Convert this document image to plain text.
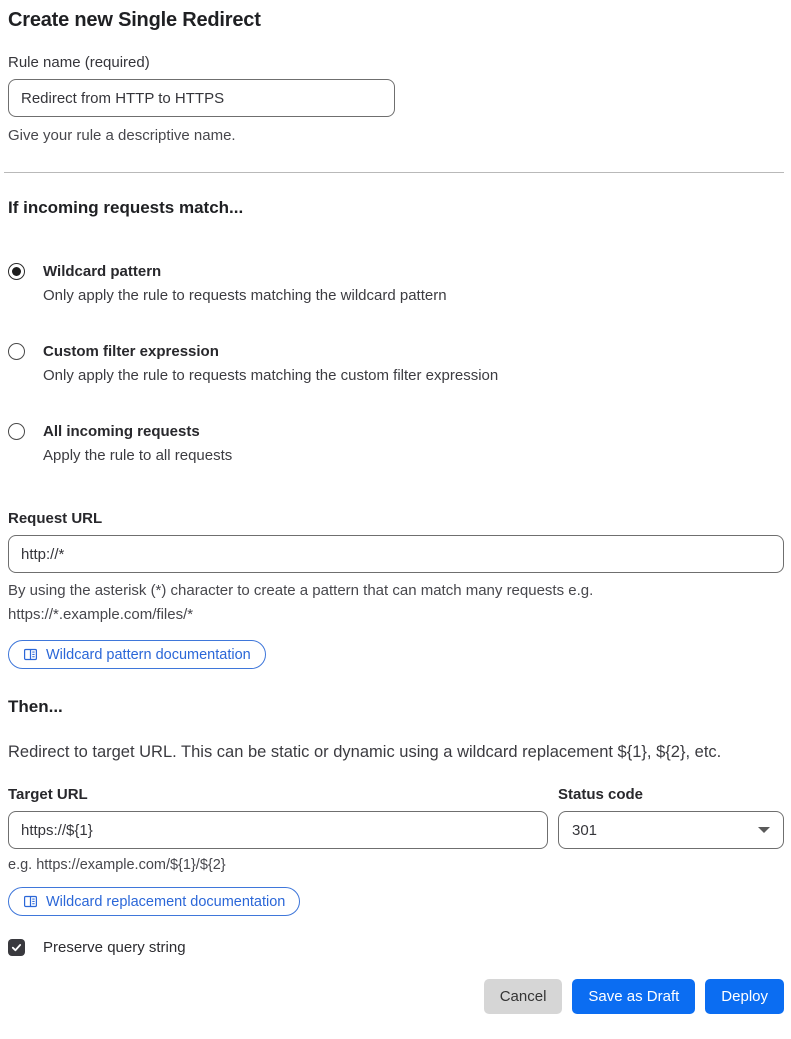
Create new Single Redirect
Rule name (required)
Redirect from HTTP to HTTPS
Give your rule a descriptive name.
If incoming requests match...
Wildcard pattern
Only apply the rule to requests matching the wildcard pattern
Custom filter expression
Only apply the rule to requests matching the custom filter expression
All incoming requests
Apply the rule to all requests
Request URL
http://*
By using the asterisk (*) character to create a pattern that can match many requests e.g.
https://*.example.com/files/*
Wildcard pattern documentation
Then...

Redirect to target URL. This can be static or dynamic using a wildcard replacement ${1}, ${2}, etc.

Target URL
https://${1}
e.g. https://example.com/${1}/${2}
Status code
301
Wildcard replacement documentation
Preserve query string
Cancel	Save as Draft	Deploy
